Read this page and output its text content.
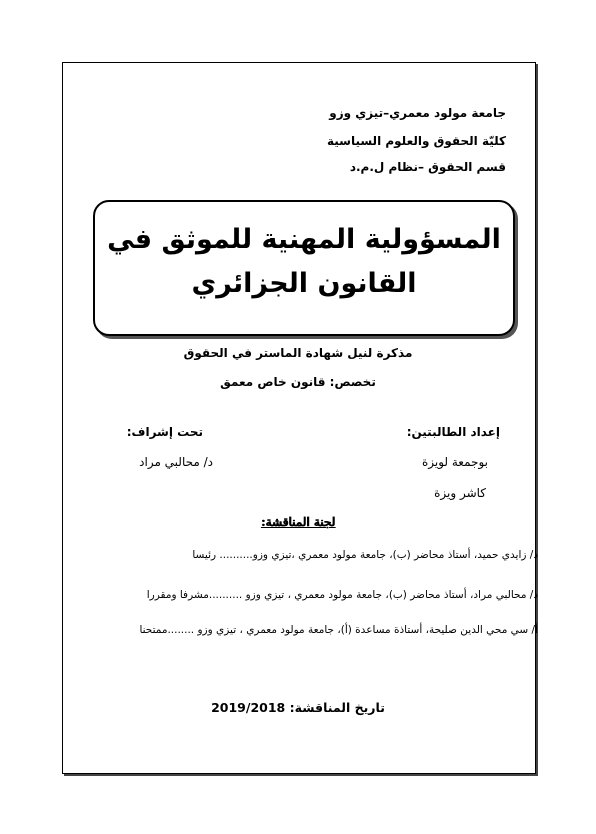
جامعة مولود معمري–تيزي وزو
كليّة الحقوق والعلوم السياسية
قسم الحقوق –نظام ل.م.د
المسؤولية المهنية للموثق في
القانون الجزائري
مذكرة لنيل شهادة الماستر في الحقوق
تخصص: قانون خاص معمق
إعداد الطالبتين:
بوجمعة لويزة
كاشر ويزة
تحت إشراف:
د/ محالبي مراد
لجنة المناقشة:
د/ زايدي حميد، أستاذ محاضر (ب)، جامعة مولود معمري ،تيزي وزو.......... رئيسا
د/ محالبي مراد، أستاذ محاضر (ب)، جامعة مولود معمري ، تيزي وزو ..........مشرفا ومقررا
أ/ سي محي الدين صليحة، أستاذة مساعدة (أ)، جامعة مولود معمري ، تيزي وزو ........ممتحنا
تاريخ المناقشة: 2019/2018
